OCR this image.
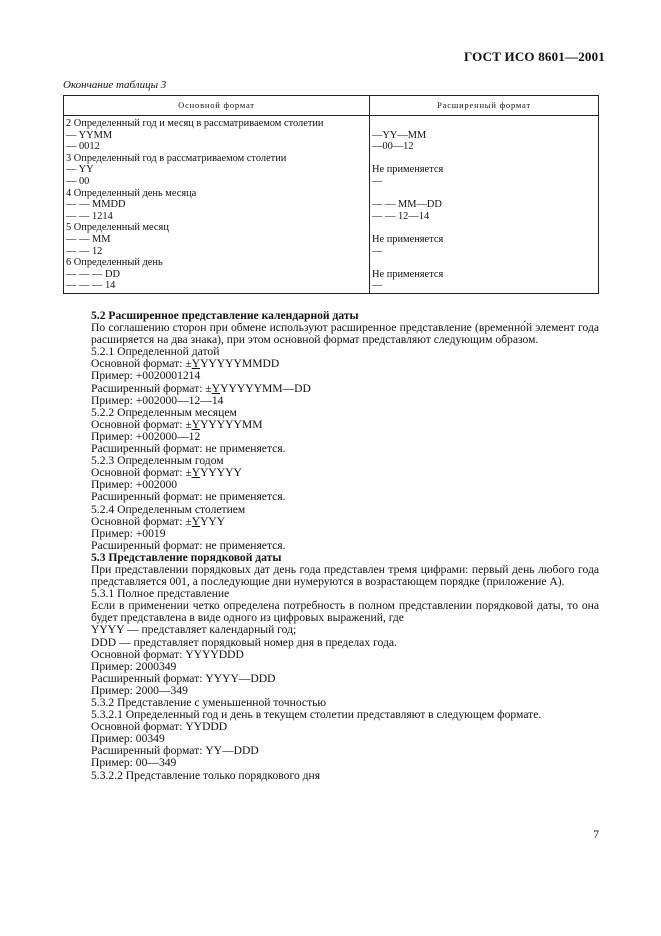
ГОСТ ИСО 8601—2001
Окончание таблицы 3
Основной формат	Расширенный формат
2 Определенный год и месяц в рассматриваемом столетии	
— YYMM	—YY—MM
— 0012	—00—12
3 Определенный год в рассматриваемом столетии	
— YY	Не применяется
— 00	—
4 Определенный день месяца	
— — MMDD	— — MM—DD
— — 1214	— — 12—14
5 Определенный месяц	
— — MM	Не применяется
— — 12	—
6 Определенный день	
— — — DD	Не применяется
— — — 14	—

5.2 Расширенное представление календарной даты

По соглашению сторон при обмене используют расширенное представление (временно́й элемент года расширяется на два знака), при этом основной формат представляют следующим образом.

5.2.1 Определенной датой

Основной формат: ±YYYYYYMMDD

Пример: +0020001214

Расширенный формат: ±YYYYYYMM—DD

Пример: +002000—12—14

5.2.2 Определенным месяцем

Основной формат: ±YYYYYYMM

Пример: +002000—12

Расширенный формат: не применяется.

5.2.3 Определенным годом

Основной формат: ±YYYYYY

Пример: +002000

Расширенный формат: не применяется.

5.2.4 Определенным столетием

Основной формат: ±YYYY

Пример: +0019

Расширенный формат: не применяется.

5.3 Представление порядковой даты

При представлении порядковых дат день года представлен тремя цифрами: первый день любого года представляется 001, а последующие дни нумеруются в возрастающем порядке (приложение А).

5.3.1 Полное представление

Если в применении четко определена потребность в полном представлении порядковой даты, то она будет представлена в виде одного из цифровых выражений, где

YYYY — представляет календарный год;

DDD — представляет порядковый номер дня в пределах года.

Основной формат: YYYYDDD

Пример: 2000349

Расширенный формат: YYYY—DDD

Пример: 2000—349

5.3.2 Представление с уменьшенной точностью

5.3.2.1 Определенный год и день в текущем столетии представляют в следующем формате.

Основной формат: YYDDD

Пример: 00349

Расширенный формат: YY—DDD

Пример: 00—349

5.3.2.2 Представление только порядкового дня

7
